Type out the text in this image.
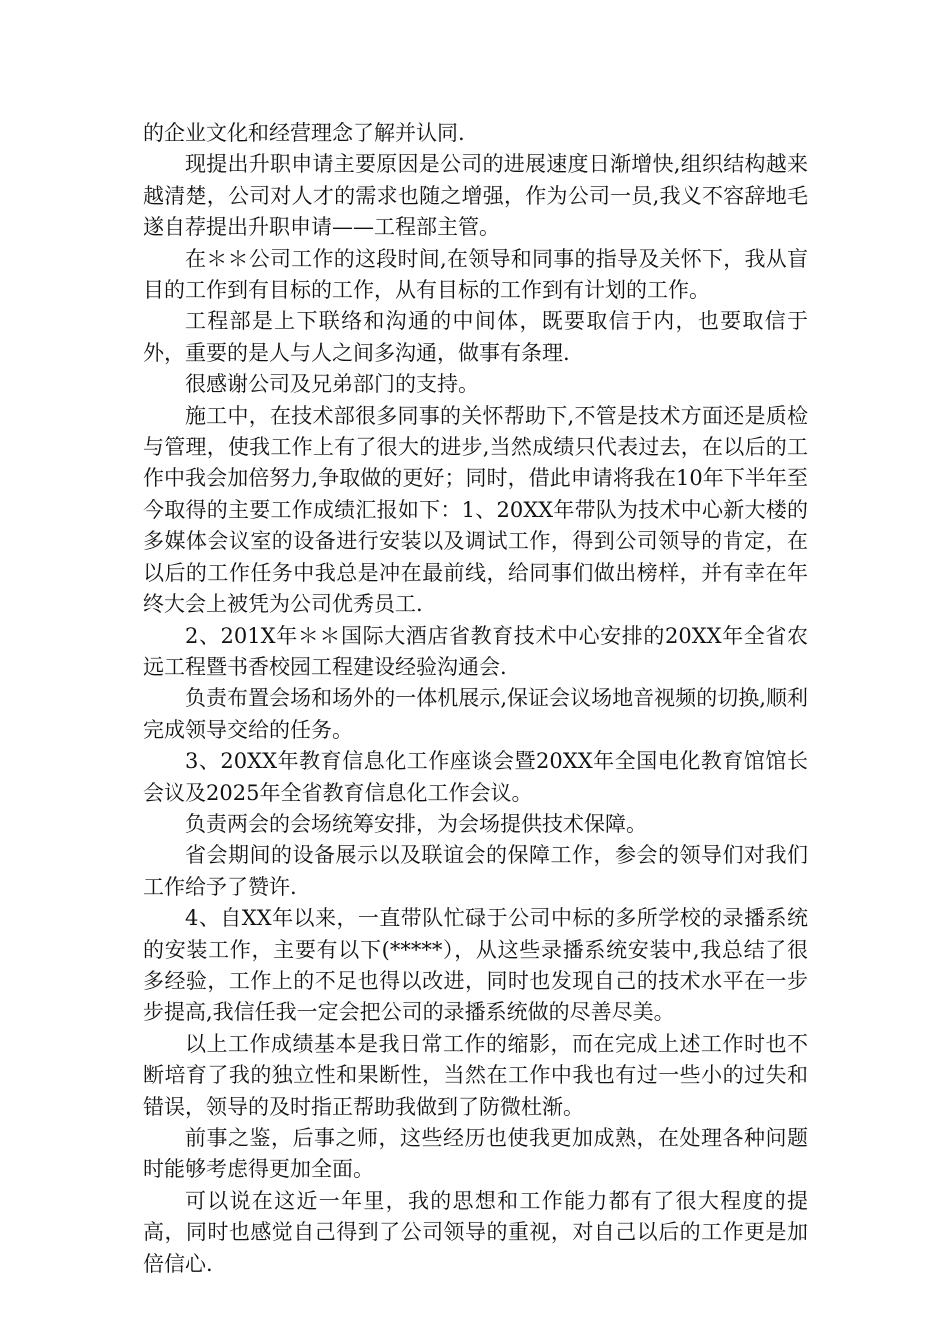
的企业文化和经营理念了解并认同.

现提出升职申请主要原因是公司的进展速度日渐增快,组织结构越来越清楚，公司对人才的需求也随之增强，作为公司一员,我义不容辞地毛遂自荐提出升职申请——工程部主管。

在＊＊公司工作的这段时间,在领导和同事的指导及关怀下，我从盲目的工作到有目标的工作，从有目标的工作到有计划的工作。

工程部是上下联络和沟通的中间体，既要取信于内，也要取信于外，重要的是人与人之间多沟通，做事有条理.

很感谢公司及兄弟部门的支持。

施工中，在技术部很多同事的关怀帮助下,不管是技术方面还是质检与管理，使我工作上有了很大的进步,当然成绩只代表过去，在以后的工作中我会加倍努力,争取做的更好；同时，借此申请将我在10年下半年至今取得的主要工作成绩汇报如下：1、20XX年带队为技术中心新大楼的多媒体会议室的设备进行安装以及调试工作，得到公司领导的肯定，在以后的工作任务中我总是冲在最前线，给同事们做出榜样，并有幸在年终大会上被凭为公司优秀员工.

2、201X年＊＊国际大酒店省教育技术中心安排的20XX年全省农远工程暨书香校园工程建设经验沟通会.

负责布置会场和场外的一体机展示,保证会议场地音视频的切换,顺利完成领导交给的任务。

3、20XX年教育信息化工作座谈会暨20XX年全国电化教育馆馆长会议及2025年全省教育信息化工作会议。

负责两会的会场统筹安排，为会场提供技术保障。

省会期间的设备展示以及联谊会的保障工作，参会的领导们对我们工作给予了赞许.

4、自XX年以来，一直带队忙碌于公司中标的多所学校的录播系统的安装工作，主要有以下(*****），从这些录播系统安装中,我总结了很多经验，工作上的不足也得以改进，同时也发现自己的技术水平在一步步提高,我信任我一定会把公司的录播系统做的尽善尽美。

以上工作成绩基本是我日常工作的缩影，而在完成上述工作时也不断培育了我的独立性和果断性，当然在工作中我也有过一些小的过失和错误，领导的及时指正帮助我做到了防微杜渐。

前事之鉴，后事之师，这些经历也使我更加成熟，在处理各种问题时能够考虑得更加全面。

可以说在这近一年里，我的思想和工作能力都有了很大程度的提高，同时也感觉自己得到了公司领导的重视，对自己以后的工作更是加倍信心.
